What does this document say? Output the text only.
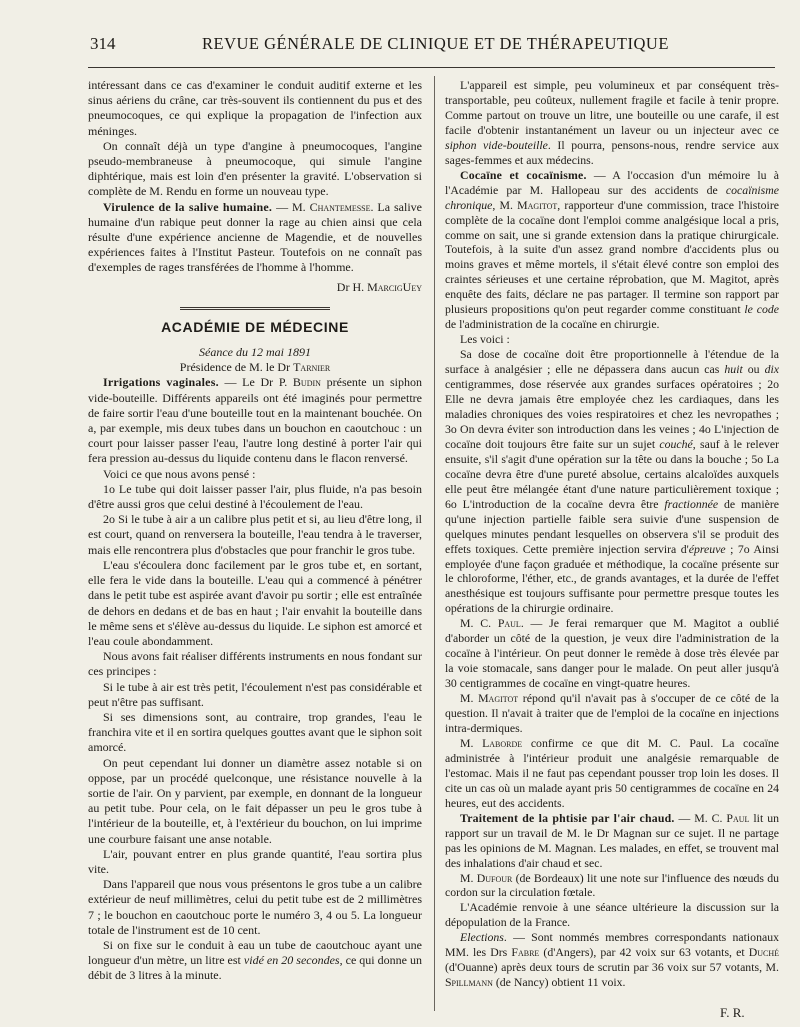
314	REVUE GÉNÉRALE DE CLINIQUE ET DE THÉRAPEUTIQUE

intéressant dans ce cas d'examiner le conduit auditif externe et les sinus aériens du crâne, car très-souvent ils contiennent du pus et des pneumocoques, ce qui explique la propagation de l'infection aux méninges.

On connaît déjà un type d'angine à pneumocoques, l'angine pseudo-membraneuse à pneumocoque, qui simule l'angine diphtérique, mais est loin d'en présenter la gravité. L'observation si complète de M. Rendu en forme un nouveau type.

Virulence de la salive humaine. — M. Chantemesse. La salive humaine d'un rabique peut donner la rage au chien ainsi que cela résulte d'une expérience ancienne de Magendie, et de nouvelles expériences faites à l'Institut Pasteur. Toutefois on ne connaît pas d'exemples de rages transférées de l'homme à l'homme.

Dr H. MarcigUey

ACADÉMIE DE MÉDECINE

Séance du 12 mai 1891

Présidence de M. le Dr Tarnier

Irrigations vaginales. — Le Dr P. Budin présente un siphon vide-bouteille. Différents appareils ont été imaginés pour permettre de faire sortir l'eau d'une bouteille tout en la maintenant bouchée. On a, par exemple, mis deux tubes dans un bouchon en caoutchouc : un court pour laisser passer l'eau, l'autre long destiné à porter l'air qui fera pression au-dessus du liquide contenu dans le flacon renversé.

Voici ce que nous avons pensé :

1o Le tube qui doit laisser passer l'air, plus fluide, n'a pas besoin d'être aussi gros que celui destiné à l'écoulement de l'eau.

2o Si le tube à air a un calibre plus petit et si, au lieu d'être long, il est court, quand on renversera la bouteille, l'eau tendra à le traverser, mais elle rencontrera plus d'obstacles que pour franchir le gros tube.

L'eau s'écoulera donc facilement par le gros tube et, en sortant, elle fera le vide dans la bouteille. L'eau qui a commencé à pénétrer dans le petit tube est aspirée avant d'avoir pu sortir ; elle est entraînée de dehors en dedans et de bas en haut ; l'air envahit la bouteille dans le même sens et s'élève au-dessus du liquide. Le siphon est amorcé et l'eau coule abondamment.

Nous avons fait réaliser différents instruments en nous fondant sur ces principes :

Si le tube à air est très petit, l'écoulement n'est pas considérable et peut n'être pas suffisant.

Si ses dimensions sont, au contraire, trop grandes, l'eau le franchira vite et il en sortira quelques gouttes avant que le siphon soit amorcé.

On peut cependant lui donner un diamètre assez notable si on oppose, par un procédé quelconque, une résistance nouvelle à la sortie de l'air. On y parvient, par exemple, en donnant de la longueur au petit tube. Pour cela, on le fait dépasser un peu le gros tube à l'intérieur de la bouteille, et, à l'extérieur du bouchon, on lui imprime une courbure faisant une anse notable.

L'air, pouvant entrer en plus grande quantité, l'eau sortira plus vite.

Dans l'appareil que nous vous présentons le gros tube a un calibre extérieur de neuf millimètres, celui du petit tube est de 2 millimètres 7 ; le bouchon en caoutchouc porte le numéro 3, 4 ou 5. La longueur totale de l'instrument est de 10 cent.

Si on fixe sur le conduit à eau un tube de caoutchouc ayant une longueur d'un mètre, un litre est vidé en 20 secondes, ce qui donne un débit de 3 litres à la minute.

L'appareil est simple, peu volumineux et par conséquent très-transportable, peu coûteux, nullement fragile et facile à tenir propre. Comme partout on trouve un litre, une bouteille ou une carafe, il est facile d'obtenir instantanément un laveur ou un injecteur avec ce siphon vide-bouteille. Il pourra, pensons-nous, rendre service aux sages-femmes et aux médecins.

Cocaïne et cocaïnisme. — A l'occasion d'un mémoire lu à l'Académie par M. Hallopeau sur des accidents de cocaïnisme chronique, M. Magitot, rapporteur d'une commission, trace l'histoire complète de la cocaïne dont l'emploi comme analgésique local a pris, comme on sait, une si grande extension dans la pratique chirurgicale. Toutefois, à la suite d'un assez grand nombre d'accidents plus ou moins graves et même mortels, il s'était élevé contre son emploi des craintes sérieuses et une certaine réprobation, que M. Magitot, après enquête des faits, déclare ne pas partager. Il termine son rapport par plusieurs propositions qu'on peut regarder comme constituant le code de l'administration de la cocaïne en chirurgie.

Les voici :

Sa dose de cocaïne doit être proportionnelle à l'étendue de la surface à analgésier ; elle ne dépassera dans aucun cas huit ou dix centigrammes, dose réservée aux grandes surfaces opératoires ; 2o Elle ne devra jamais être employée chez les cardiaques, dans les maladies chroniques des voies respiratoires et chez les nevropathes ; 3o On devra éviter son introduction dans les veines ; 4o L'injection de cocaïne doit toujours être faite sur un sujet couché, sauf à le relever ensuite, s'il s'agit d'une opération sur la tête ou dans la bouche ; 5o La cocaïne devra être d'une pureté absolue, certains alcaloïdes auxquels elle peut être mélangée étant d'une nature particulièrement toxique ; 6o L'introduction de la cocaïne devra être fractionnée de manière qu'une injection partielle faible sera suivie d'une suspension de quelques minutes pendant lesquelles on observera s'il se produit des effets toxiques. Cette première injection servira d'épreuve ; 7o Ainsi employée d'une façon graduée et méthodique, la cocaïne présente sur le chloroforme, l'éther, etc., de grands avantages, et la durée de l'effet anesthésique est toujours suffisante pour permettre presque toutes les opérations de la chirurgie ordinaire.

M. C. Paul. — Je ferai remarquer que M. Magitot a oublié d'aborder un côté de la question, je veux dire l'administration de la cocaïne à l'intérieur. On peut donner le remède à dose très élevée par la voie stomacale, sans danger pour le malade. On peut aller jusqu'à 30 centigrammes de cocaïne en vingt-quatre heures.

M. Magitot répond qu'il n'avait pas à s'occuper de ce côté de la question. Il n'avait à traiter que de l'emploi de la cocaïne en injections intra-dermiques.

M. Laborde confirme ce que dit M. C. Paul. La cocaïne administrée à l'intérieur produit une analgésie remarquable de l'estomac. Mais il ne faut pas cependant pousser trop loin les doses. Il cite un cas où un malade ayant pris 50 centigrammes de cocaïne en 24 heures, eut des accidents.

Traitement de la phtisie par l'air chaud. — M. C. Paul lit un rapport sur un travail de M. le Dr Magnan sur ce sujet. Il ne partage pas les opinions de M. Magnan. Les malades, en effet, se trouvent mal des inhalations d'air chaud et sec.

M. Dufour (de Bordeaux) lit une note sur l'influence des nœuds du cordon sur la circulation fœtale.

L'Académie renvoie à une séance ultérieure la discussion sur la dépopulation de la France.

Elections. — Sont nommés membres correspondants nationaux MM. les Drs Fabre (d'Angers), par 42 voix sur 63 votants, et Duché (d'Ouanne) après deux tours de scrutin par 36 voix sur 57 votants, M. Spillmann (de Nancy) obtient 11 voix.

F. R.
